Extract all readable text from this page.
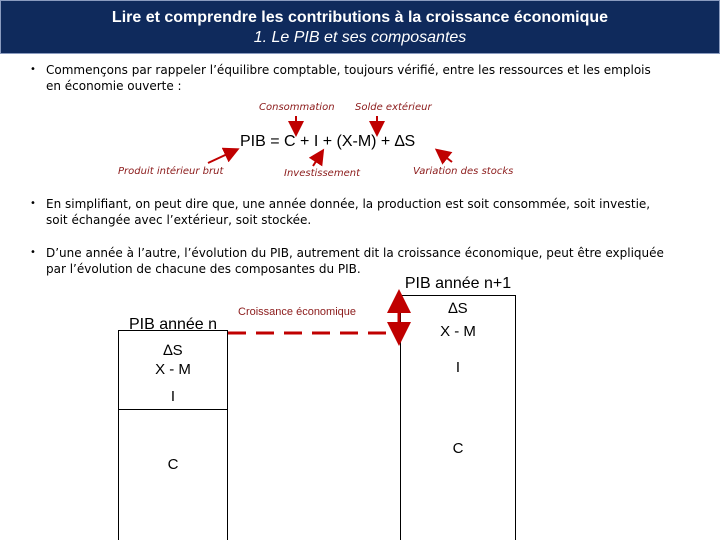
Lire et comprendre les contributions à la croissance économique
1. Le PIB et ses composantes
• Commençons par rappeler l’équilibre comptable, toujours vérifié, entre les ressources et les emplois en économie ouverte :
Consommation Solde extérieur
Produit intérieur brut	Investissement	Variation des stocks
PIB = C + I + (X-M) + ∆S
• En simplifiant, on peut dire que, une année donnée, la production est soit consommée, soit investie, soit échangée avec l’extérieur, soit stockée.
• D’une année à l’autre, l’évolution du PIB, autrement dit la croissance économique, peut être expliquée par l’évolution de chacune des composantes du PIB.
PIB année n
∆S
X - M
I
C
PIB année n+1
∆S
X - M
I
C
Croissance économique
